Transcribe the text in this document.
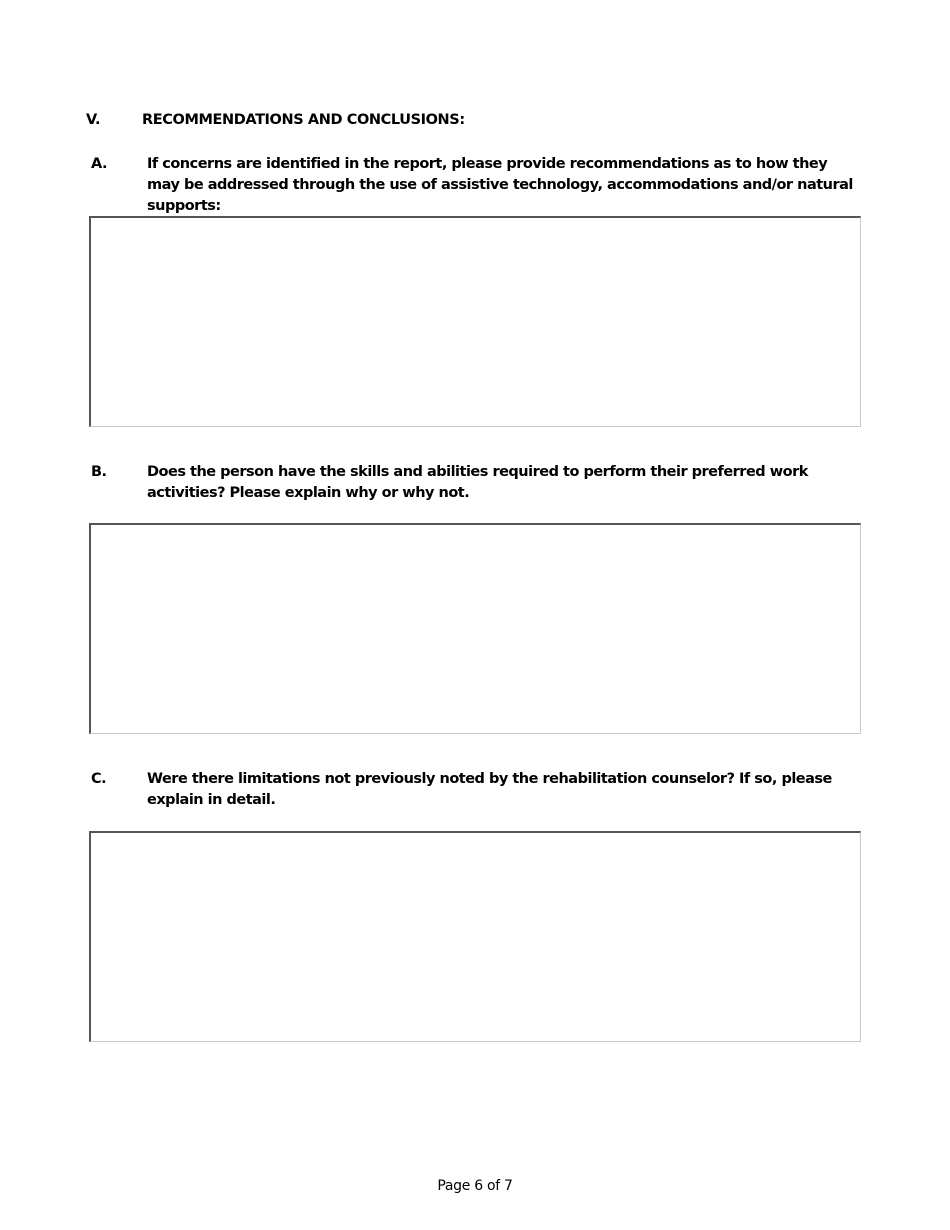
V.	RECOMMENDATIONS AND CONCLUSIONS:
A.	If concerns are identified in the report, please provide recommendations as to how they may be addressed through the use of assistive technology, accommodations and/or natural supports:
B.	Does the person have the skills and abilities required to perform their preferred work activities? Please explain why or why not.
C.	Were there limitations not previously noted by the rehabilitation counselor? If so, please explain in detail.
Page 6 of 7
